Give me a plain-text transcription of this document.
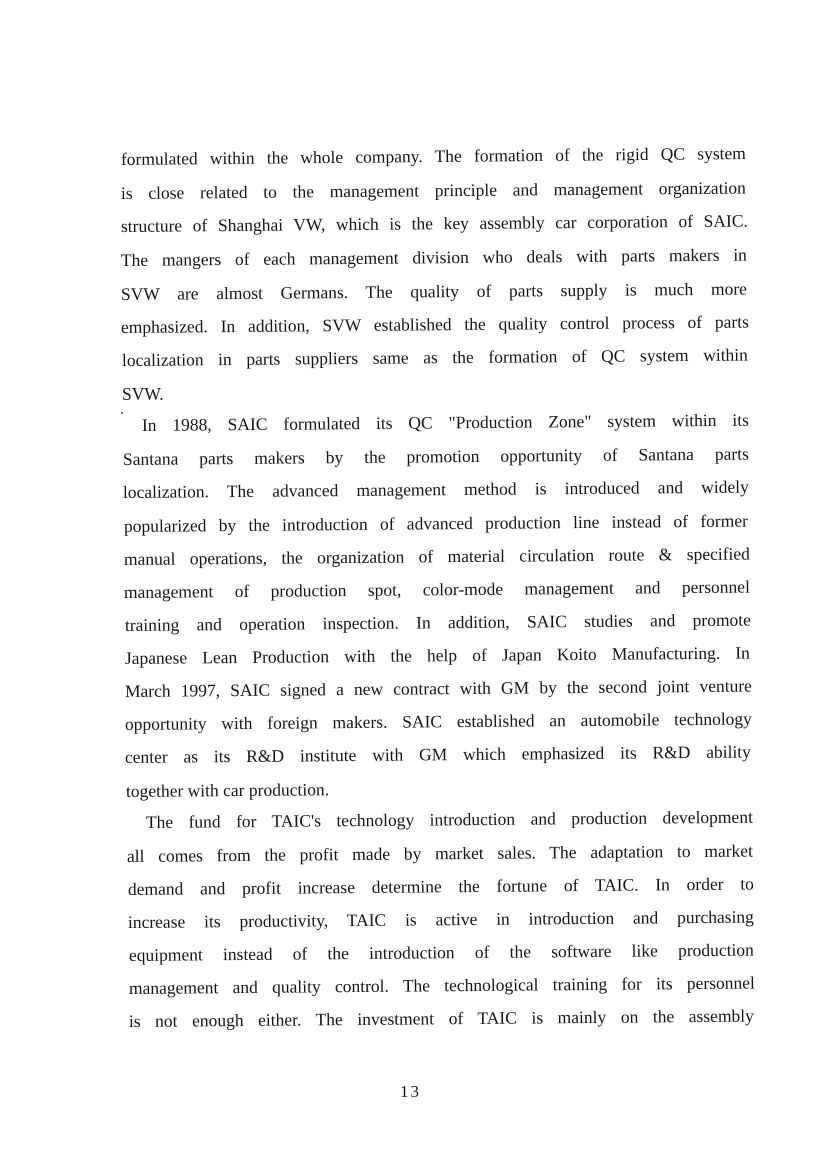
formulated within the whole company. The formation of the rigid QC system

is close related to the management principle and management organization

structure of Shanghai VW, which is the key assembly car corporation of SAIC.

The mangers of each management division who deals with parts makers in

SVW are almost Germans. The quality of parts supply is much more

emphasized. In addition, SVW established the quality control process of parts

localization in parts suppliers same as the formation of QC system within

SVW.

In 1988, SAIC formulated its QC "Production Zone" system within its

Santana parts makers by the promotion opportunity of Santana parts

localization. The advanced management method is introduced and widely

popularized by the introduction of advanced production line instead of former

manual operations, the organization of material circulation route & specified

management of production spot, color-mode management and personnel

training and operation inspection. In addition, SAIC studies and promote

Japanese Lean Production with the help of Japan Koito Manufacturing. In

March 1997, SAIC signed a new contract with GM by the second joint venture

opportunity with foreign makers. SAIC established an automobile technology

center as its R&D institute with GM which emphasized its R&D ability

together with car production.

The fund for TAIC's technology introduction and production development

all comes from the profit made by market sales. The adaptation to market

demand and profit increase determine the fortune of TAIC. In order to

increase its productivity, TAIC is active in introduction and purchasing

equipment instead of the introduction of the software like production

management and quality control. The technological training for its personnel

is not enough either. The investment of TAIC is mainly on the assembly

13
